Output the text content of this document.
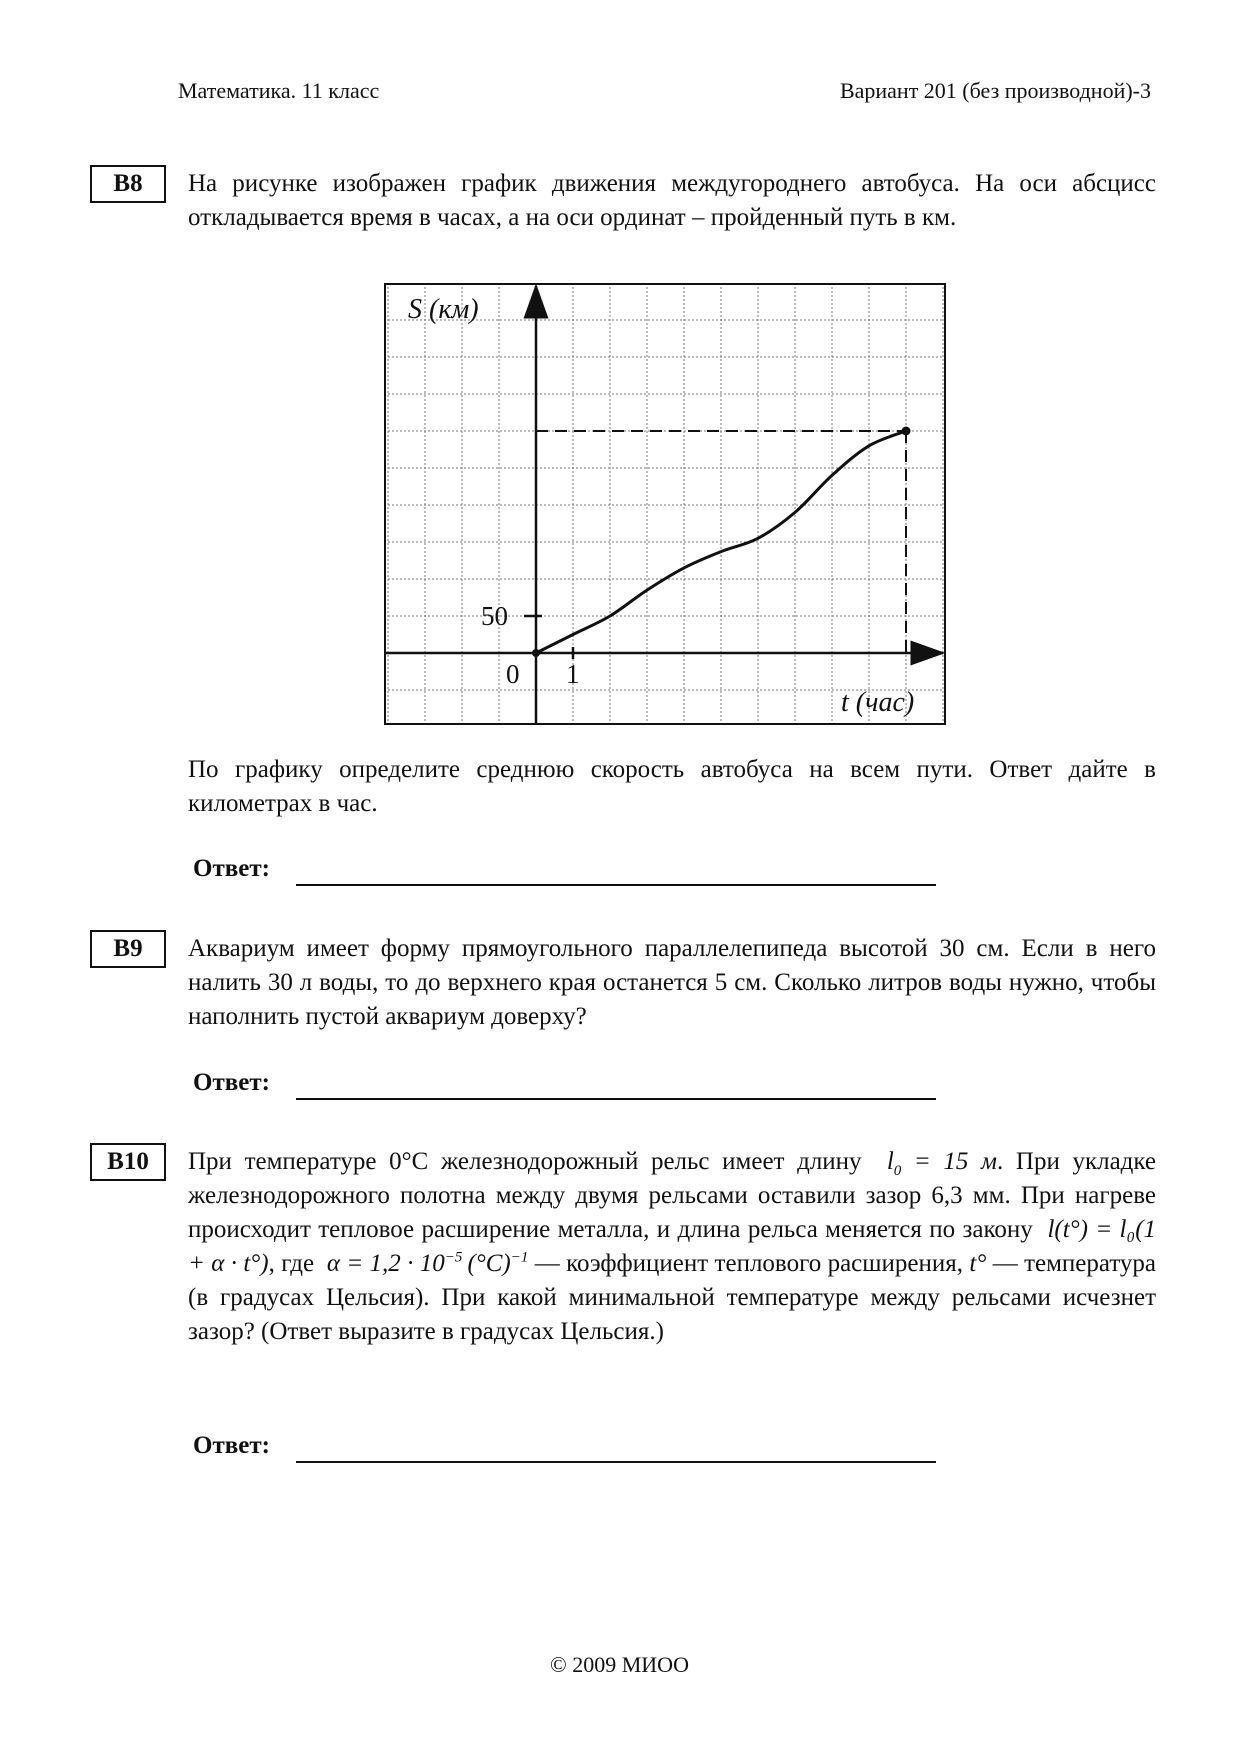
Математика. 11 класс	Вариант 201 (без производной)-3
B8	На рисунке изображен график движения междугороднего автобуса. На оси абсцисс откладывается время в часах, а на оси ординат – пройденный путь в км.
S (км)
t (час)
0 1
50
По графику определите среднюю скорость автобуса на всем пути. Ответ дайте в километрах в час.
Ответ:
B9	Аквариум имеет форму прямоугольного параллелепипеда высотой 30 см. Если в него налить 30 л воды, то до верхнего края останется 5 см. Сколько литров воды нужно, чтобы наполнить пустой аквариум доверху?
Ответ:
B10	При температуре 0°С железнодорожный рельс имеет длину $l_0 = 15$ м. При укладке железнодорожного полотна между двумя рельсами оставили зазор 6,3 мм. При нагреве происходит тепловое расширение металла, и длина рельса меняется по закону l(t°) = l₀(1 + α · t°), где $\alpha = 1,2 \cdot 10^{-5}$  $(^\circ C)^{-1}$ — коэффициент теплового расширения, t° — температура (в градусах Цельсия). При какой минимальной температуре между рельсами исчезнет зазор? (Ответ выразите в градусах Цельсия.)
Ответ:
© 2009 МИОО
